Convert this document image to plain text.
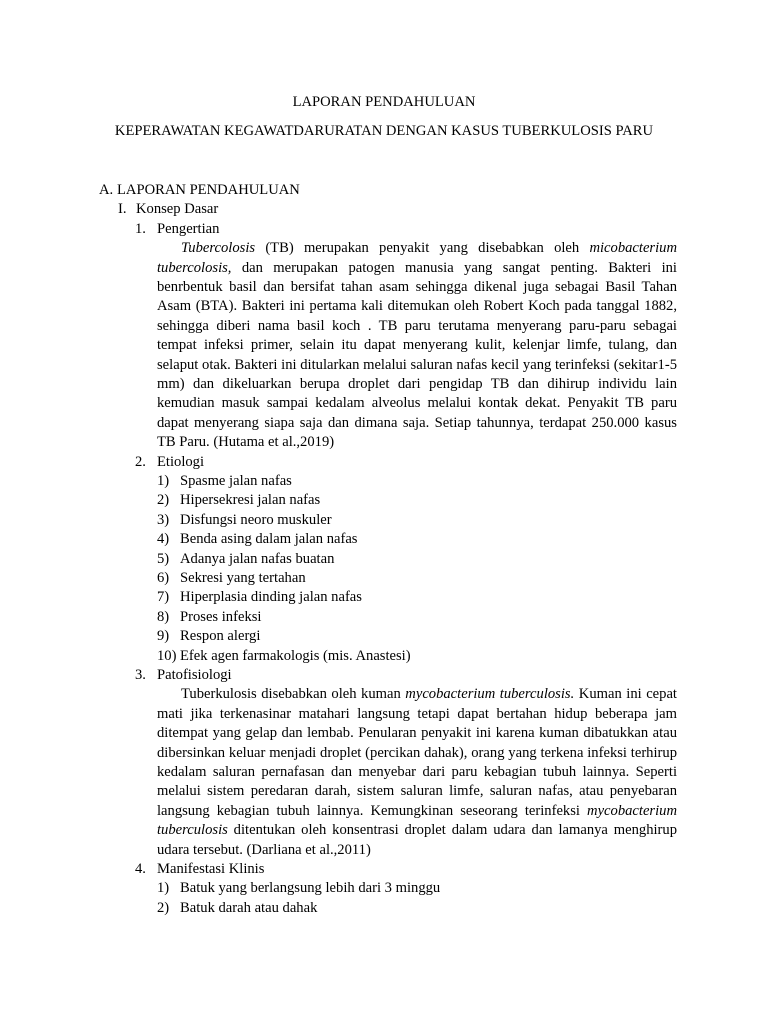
LAPORAN PENDAHULUAN
KEPERAWATAN KEGAWATDARURATAN DENGAN KASUS TUBERKULOSIS PARU
A. LAPORAN PENDAHULUAN
I. Konsep Dasar
1. Pengertian

Tubercolosis (TB) merupakan penyakit yang disebabkan oleh micobacterium tubercolosis, dan merupakan patogen manusia yang sangat penting. Bakteri ini benrbentuk basil dan bersifat tahan asam sehingga dikenal juga sebagai Basil Tahan Asam (BTA). Bakteri ini pertama kali ditemukan oleh Robert Koch pada tanggal 1882, sehingga diberi nama basil koch . TB paru terutama menyerang paru-paru sebagai tempat infeksi primer, selain itu dapat menyerang kulit, kelenjar limfe, tulang, dan selaput otak. Bakteri ini ditularkan melalui saluran nafas kecil yang terinfeksi (sekitar1-5 mm) dan dikeluarkan berupa droplet dari pengidap TB dan dihirup individu lain kemudian masuk sampai kedalam alveolus melalui kontak dekat. Penyakit TB paru dapat menyerang siapa saja dan dimana saja. Setiap tahunnya, terdapat 250.000 kasus TB Paru. (Hutama et al.,2019)

2. Etiologi
1) Spasme jalan nafas
2) Hipersekresi jalan nafas
3) Disfungsi neoro muskuler
4) Benda asing dalam jalan nafas
5) Adanya jalan nafas buatan
6) Sekresi yang tertahan
7) Hiperplasia dinding jalan nafas
8) Proses infeksi
9) Respon alergi
10) Efek agen farmakologis (mis. Anastesi)
3. Patofisiologi

Tuberkulosis disebabkan oleh kuman mycobacterium tuberculosis. Kuman ini cepat mati jika terkenasinar matahari langsung tetapi dapat bertahan hidup beberapa jam ditempat yang gelap dan lembab. Penularan penyakit ini karena kuman dibatukkan atau dibersinkan keluar menjadi droplet (percikan dahak), orang yang terkena infeksi terhirup kedalam saluran pernafasan dan menyebar dari paru kebagian tubuh lainnya. Seperti melalui sistem peredaran darah, sistem saluran limfe, saluran nafas, atau penyebaran langsung kebagian tubuh lainnya. Kemungkinan seseorang terinfeksi mycobacterium tuberculosis ditentukan oleh konsentrasi droplet dalam udara dan lamanya menghirup udara tersebut. (Darliana et al.,2011)

4. Manifestasi Klinis
1) Batuk yang berlangsung lebih dari 3 minggu
2) Batuk darah atau dahak
